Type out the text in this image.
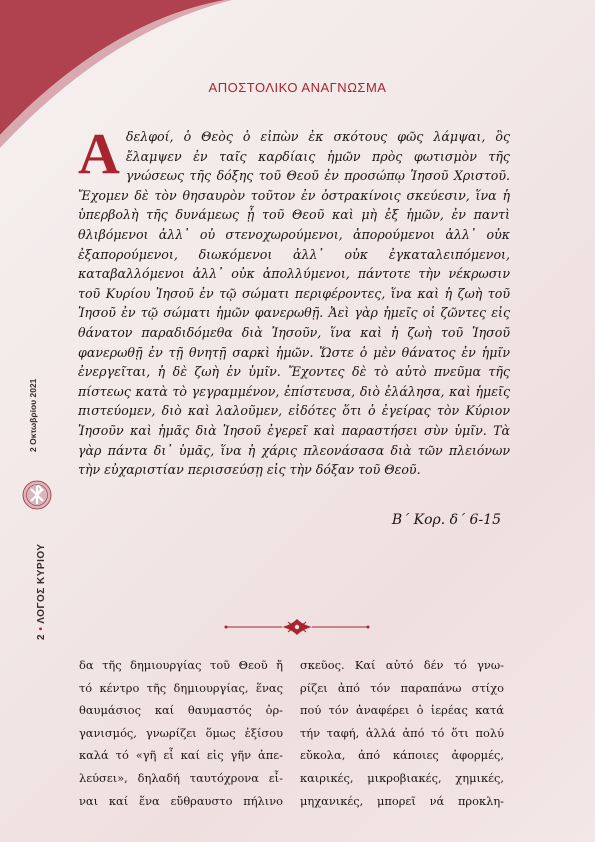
ΑΠΟΣΤΟΛΙΚΟ ΑΝΑΓΝΩΣΜΑ
Α δελφοί, ὁ Θεὸς ὁ εἰπὼν ἐκ σκότους φῶς λάμψαι, ὃς ἔλαμψεν ἐν ταῖς καρδίαις ἡμῶν πρὸς φωτισμὸν τῆς γνώσεως τῆς δόξης τοῦ Θεοῦ ἐν προσώπῳ Ἰησοῦ Χριστοῦ. Ἔχομεν δὲ τὸν θησαυρὸν τοῦτον ἐν ὀστρακίνοις σκεύεσιν, ἵνα ἡ ὑπερβολὴ τῆς δυνάμεως ᾖ τοῦ Θεοῦ καὶ μὴ ἐξ ἡμῶν, ἐν παντὶ θλιβόμενοι ἀλλ᾿ οὐ στενοχωρούμενοι, ἀπορούμενοι ἀλλ᾿ οὐκ ἐξαπορούμενοι, διωκόμενοι ἀλλ᾿ οὐκ ἐγκαταλειπόμενοι, καταβαλλόμενοι ἀλλ᾿ οὐκ ἀπολλύμενοι, πάντοτε τὴν νέκρωσιν τοῦ Κυρίου Ἰησοῦ ἐν τῷ σώματι περιφέροντες, ἵνα καὶ ἡ ζωὴ τοῦ Ἰησοῦ ἐν τῷ σώματι ἡμῶν φανερωθῇ. Ἀεὶ γὰρ ἡμεῖς οἱ ζῶντες εἰς θάνατον παραδιδόμεθα διὰ Ἰησοῦν, ἵνα καὶ ἡ ζωὴ τοῦ Ἰησοῦ φανερωθῇ ἐν τῇ θνητῇ σαρκὶ ἡμῶν. Ὥστε ὁ μὲν θάνατος ἐν ἡμῖν ἐνεργεῖται, ἡ δὲ ζωὴ ἐν ὑμῖν. Ἔχοντες δὲ τὸ αὐτὸ πνεῦμα τῆς πίστεως κατὰ τὸ γεγραμμένον, ἐπίστευσα, διὸ ἐλάλησα, καὶ ἡμεῖς πιστεύομεν, διὸ καὶ λαλοῦμεν, εἰδότες ὅτι ὁ ἐγείρας τὸν Κύριον Ἰησοῦν καὶ ἡμᾶς διὰ Ἰησοῦ ἐγερεῖ καὶ παραστήσει σὺν ὑμῖν. Τὰ γὰρ πάντα δι᾿ ὑμᾶς, ἵνα ἡ χάρις πλεονάσασα διὰ τῶν πλειόνων τὴν εὐχαριστίαν περισσεύσῃ εἰς τὴν δόξαν τοῦ Θεοῦ.
Β΄ Κορ. δ΄ 6-15
δα τῆς δημιουργίας τοῦ Θεοῦ ἤ
τό κέντρο τῆς δημιουργίας, ἕνας
θαυμάσιος καί θαυμαστός ὀρ-
γανισμός, γνωρίζει ὅμως ἐξίσου
καλά τό «γῆ εἶ καί εἰς γῆν ἀπε-
λεύσει», δηλαδή ταυτόχρονα εἶ-
ναι καί ἕνα εὔθραυστο πήλινο
σκεῦος. Καί αὐτό δέν τό γνω-
ρίζει ἀπό τόν παραπάνω στίχο
πού τόν ἀναφέρει ὁ ἱερέας κατά
τήν ταφή, ἀλλά ἀπό τό ὅτι πολύ
εὔκολα, ἀπό κάποιες ἀφορμές,
καιρικές, μικροβιακές, χημικές,
μηχανικές, μπορεῖ νά προκλη-
2 Οκτωβρίου 2021
2 • ΛΟΓΟΣ ΚΥΡΙΟΥ
